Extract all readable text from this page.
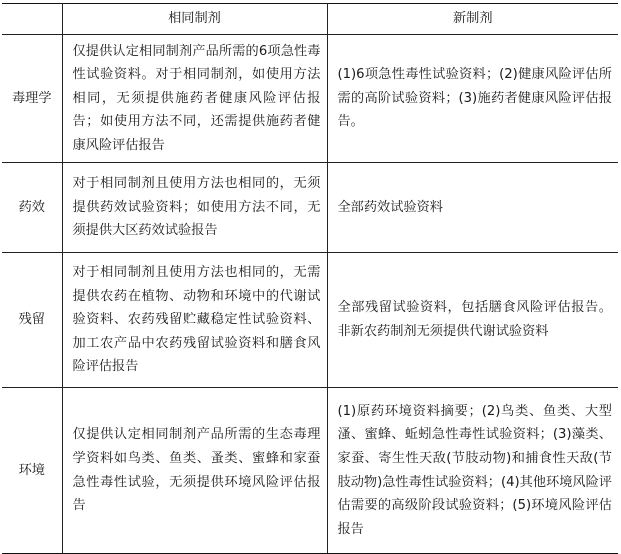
	相同制剂	新制剂
毒理学	仅提供认定相同制剂产品所需的6项急性毒性试验资料。对于相同制剂，如使用方法相同，无须提供施药者健康风险评估报告；如使用方法不同，还需提供施药者健康风险评估报告	(1)6项急性毒性试验资料；(2)健康风险评估所需的高阶试验资料；(3)施药者健康风险评估报告。
药效	对于相同制剂且使用方法也相同的，无须提供药效试验资料；如使用方法不同，无须提供大区药效试验报告	全部药效试验资料
残留	对于相同制剂且使用方法也相同的，无需提供农药在植物、动物和环境中的代谢试验资料、农药残留贮藏稳定性试验资料、加工农产品中农药残留试验资料和膳食风险评估报告	全部残留试验资料，包括膳食风险评估报告。非新农药制剂无须提供代谢试验资料
环境	仅提供认定相同制剂产品所需的生态毒理学资料如鸟类、鱼类、蚤类、蜜蜂和家蚕急性毒性试验，无须提供环境风险评估报告	(1)原药环境资料摘要；(2)鸟类、鱼类、大型溞、蜜蜂、蚯蚓急性毒性试验资料；(3)藻类、家蚕、寄生性天敌(节肢动物)和捕食性天敌(节肢动物)急性毒性试验资料；(4)其他环境风险评估需要的高级阶段试验资料；(5)环境风险评估报告
